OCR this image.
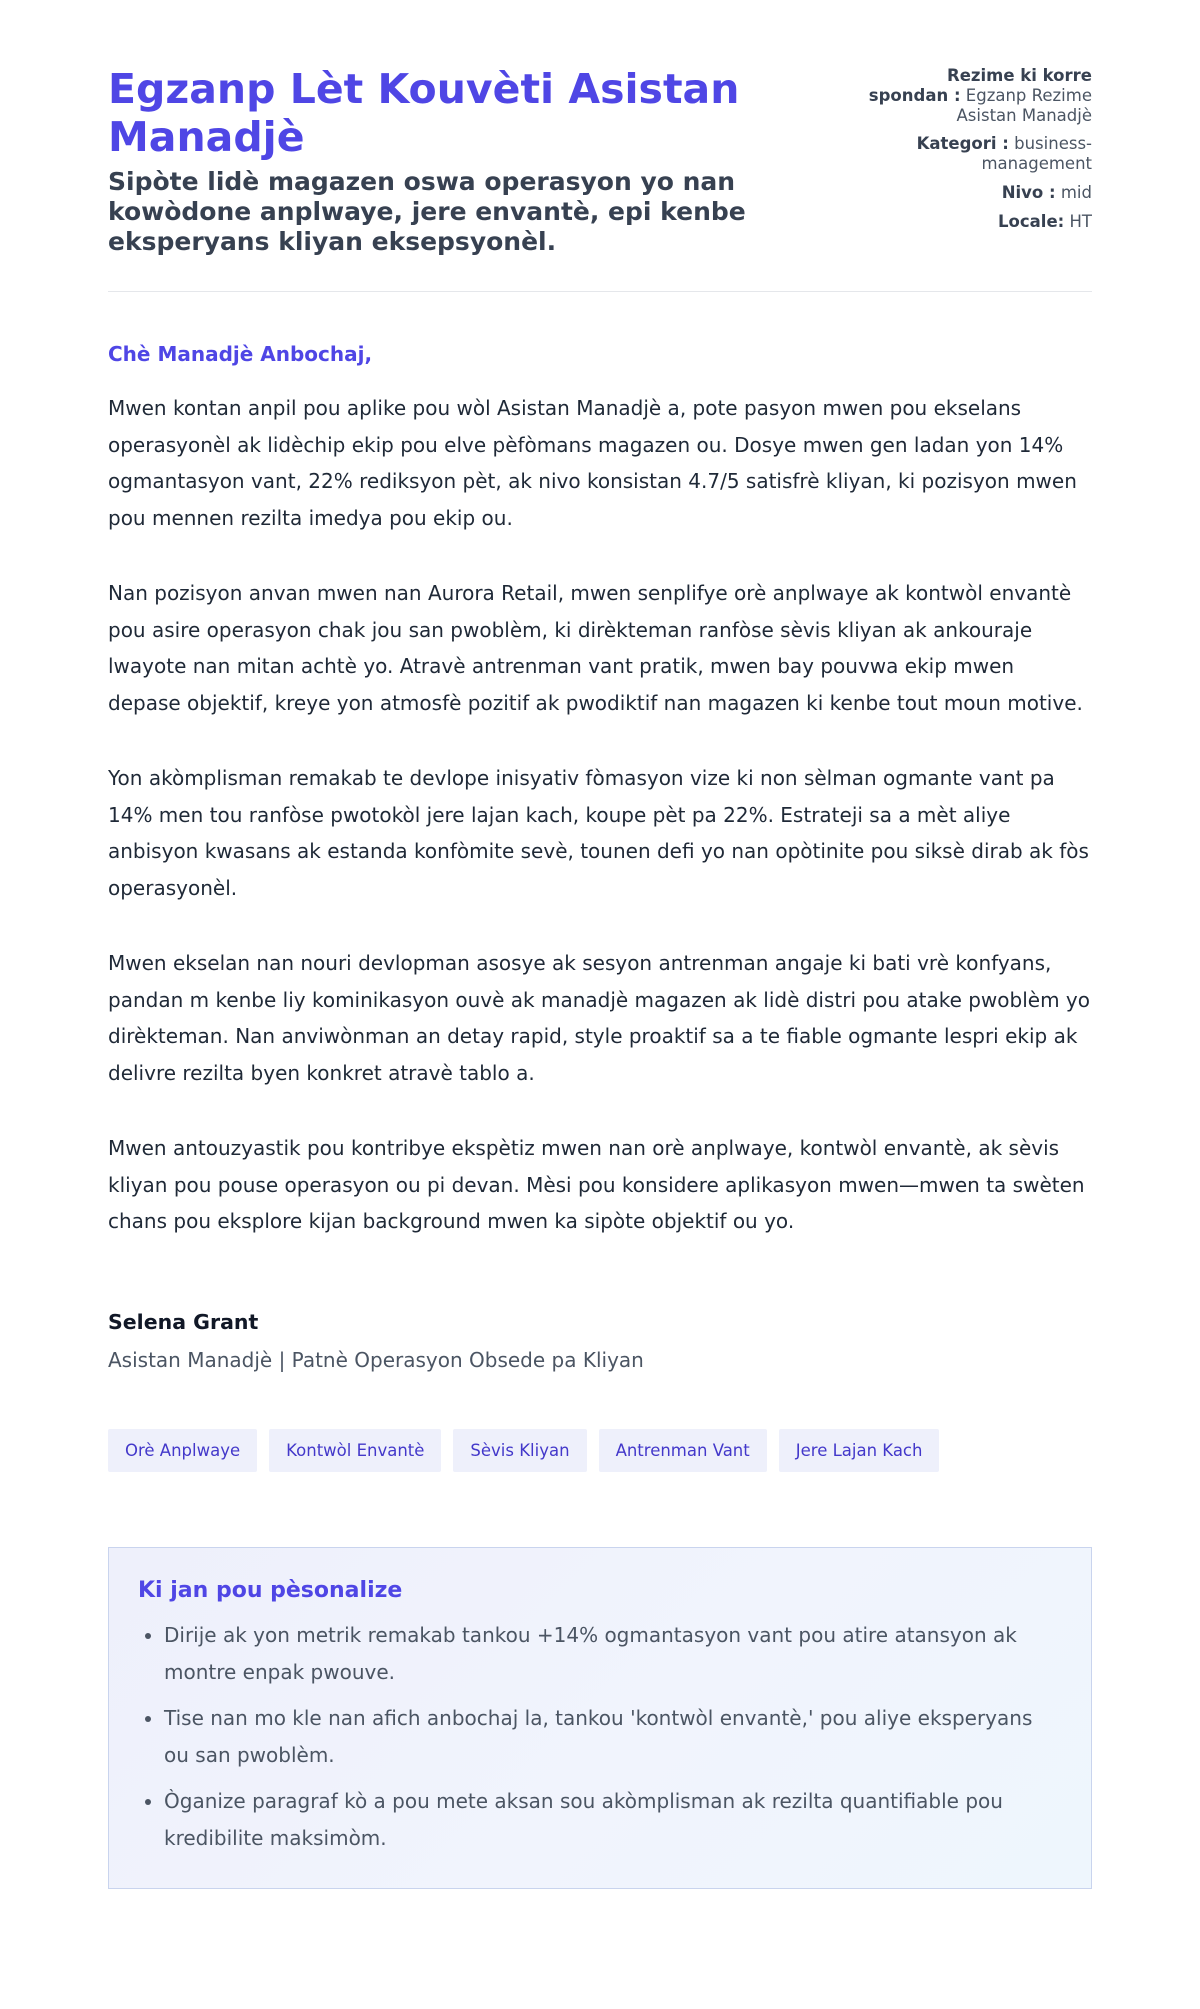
Egzanp Lèt Kouvèti Asistan Manadjè
Sipòte lidè magazen oswa operasyon yo nan kowòdone anplwaye, jere envantè, epi kenbe eksperyans kliyan eksepsyonèl.
Rezime ki korre spondan : Egzanp Rezime Asistan Manadjè
Kategori : business-management
Nivo : mid
Locale: HT

Chè Manadjè Anbochaj,

Mwen kontan anpil pou aplike pou wòl Asistan Manadjè a, pote pasyon mwen pou ekselans operasyonèl ak lidèchip ekip pou elve pèfòmans magazen ou. Dosye mwen gen ladan yon 14% ogmantasyon vant, 22% rediksyon pèt, ak nivo konsistan 4.7/5 satisfrè kliyan, ki pozisyon mwen pou mennen rezilta imedya pou ekip ou.

Nan pozisyon anvan mwen nan Aurora Retail, mwen senplifye orè anplwaye ak kontwòl envantè pou asire operasyon chak jou san pwoblèm, ki dirèkteman ranfòse sèvis kliyan ak ankouraje lwayote nan mitan achtè yo. Atravè antrenman vant pratik, mwen bay pouvwa ekip mwen depase objektif, kreye yon atmosfè pozitif ak pwodiktif nan magazen ki kenbe tout moun motive.

Yon akòmplisman remakab te devlope inisyativ fòmasyon vize ki non sèlman ogmante vant pa 14% men tou ranfòse pwotokòl jere lajan kach, koupe pèt pa 22%. Estrateji sa a mèt aliye anbisyon kwasans ak estanda konfòmite sevè, tounen defi yo nan opòtinite pou siksè dirab ak fòs operasyonèl.

Mwen ekselan nan nouri devlopman asosye ak sesyon antrenman angaje ki bati vrè konfyans, pandan m kenbe liy kominikasyon ouvè ak manadjè magazen ak lidè distri pou atake pwoblèm yo dirèkteman. Nan anviwònman an detay rapid, style proaktif sa a te fiable ogmante lespri ekip ak delivre rezilta byen konkret atravè tablo a.

Mwen antouzyastik pou kontribye ekspètiz mwen nan orè anplwaye, kontwòl envantè, ak sèvis kliyan pou pouse operasyon ou pi devan. Mèsi pou konsidere aplikasyon mwen—mwen ta swèten chans pou eksplore kijan background mwen ka sipòte objektif ou yo.

Selena Grant
Asistan Manadjè | Patnè Operasyon Obsede pa Kliyan
Orè Anplwaye	Kontwòl Envantè	Sèvis Kliyan	Antrenman Vant	Jere Lajan Kach
Ki jan pou pèsonalize
• Dirije ak yon metrik remakab tankou +14% ogmantasyon vant pou atire atansyon ak montre enpak pwouve.
• Tise nan mo kle nan afich anbochaj la, tankou 'kontwòl envantè,' pou aliye eksperyans ou san pwoblèm.
• Òganize paragraf kò a pou mete aksan sou akòmplisman ak rezilta quantifiable pou kredibilite maksimòm.
